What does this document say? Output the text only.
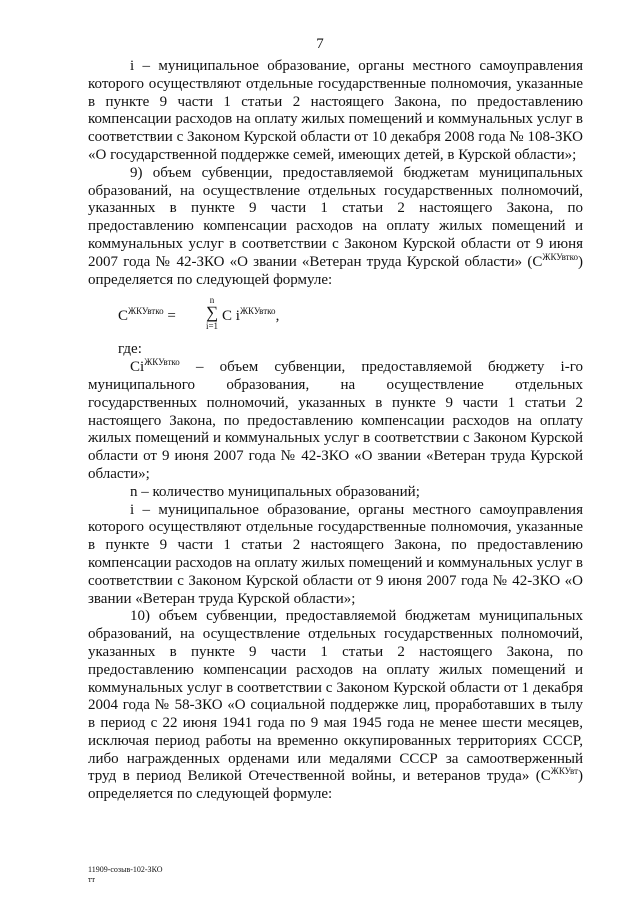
7

i – муниципальное образование, органы местного самоуправления которого осуществляют отдельные государственные полномочия, указанные в пункте 9 части 1 статьи 2 настоящего Закона, по предоставлению компенсации расходов на оплату жилых помещений и коммунальных услуг в соответствии с Законом Курской области от 10 декабря 2008 года № 108-ЗКО «О государственной поддержке семей, имеющих детей, в Курской области»;

9) объем субвенции, предоставляемой бюджетам муниципальных образований, на осуществление отдельных государственных полномочий, указанных в пункте 9 части 1 статьи 2 настоящего Закона, по предоставлению компенсации расходов на оплату жилых помещений и коммунальных услуг в соответствии с Законом Курской области от 9 июня 2007 года № 42-ЗКО «О звании «Ветеран труда Курской области» $(C^{ЖКУвтко})$ определяется по следующей формуле:

$C^{ЖКУвтко}$ =
n
∑
i=1
C $i^{ЖКУвтко}$,

где:

$Ci^{ЖКУвтко}$ – объем субвенции, предоставляемой бюджету i-го муниципального образования, на осуществление отдельных государственных полномочий, указанных в пункте 9 части 1 статьи 2 настоящего Закона, по предоставлению компенсации расходов на оплату жилых помещений и коммунальных услуг в соответствии с Законом Курской области от 9 июня 2007 года № 42-ЗКО «О звании «Ветеран труда Курской области»;

n – количество муниципальных образований;

i – муниципальное образование, органы местного самоуправления которого осуществляют отдельные государственные полномочия, указанные в пункте 9 части 1 статьи 2 настоящего Закона, по предоставлению компенсации расходов на оплату жилых помещений и коммунальных услуг в соответствии с Законом Курской области от 9 июня 2007 года № 42-ЗКО «О звании «Ветеран труда Курской области»;

10) объем субвенции, предоставляемой бюджетам муниципальных образований, на осуществление отдельных государственных полномочий, указанных в пункте 9 части 1 статьи 2 настоящего Закона, по предоставлению компенсации расходов на оплату жилых помещений и коммунальных услуг в соответствии с Законом Курской области от 1 декабря 2004 года № 58-ЗКО «О социальной поддержке лиц, проработавших в тылу в период с 22 июня 1941 года по 9 мая 1945 года не менее шести месяцев, исключая период работы на временно оккупированных территориях СССР, либо награжденных орденами или медалями СССР за самоотверженный труд в период Великой Отечественной войны, и ветеранов труда» $(C^{ЖКУвт})$ определяется по следующей формуле:

11909-созыв-102-ЗКО
тт
